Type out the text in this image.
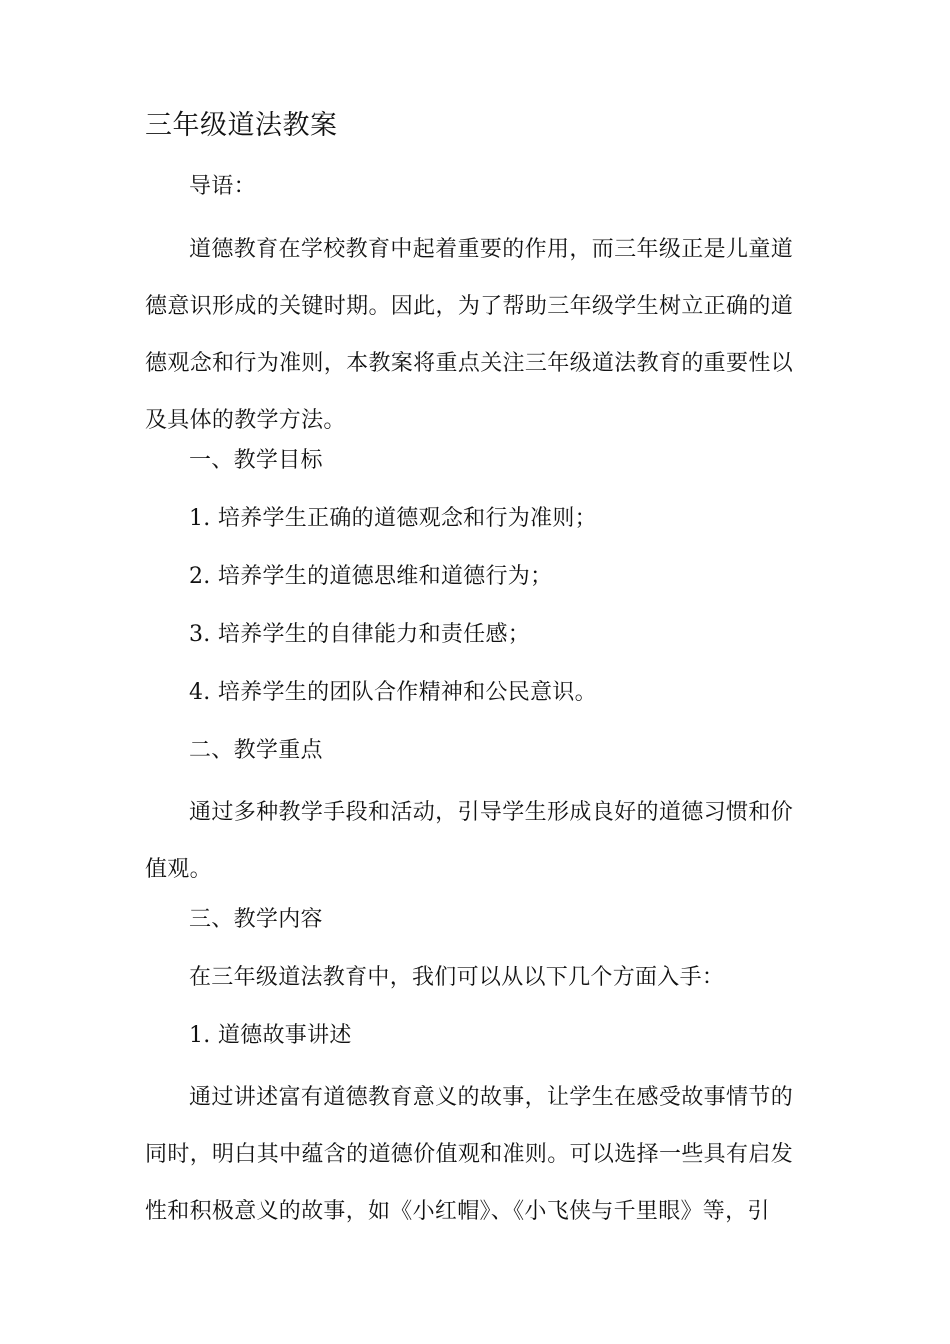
三年级道法教案
导语：

道德教育在学校教育中起着重要的作用，而三年级正是儿童道德意识形成的关键时期。因此，为了帮助三年级学生树立正确的道德观念和行为准则，本教案将重点关注三年级道法教育的重要性以及具体的教学方法。

一、教学目标
1. 培养学生正确的道德观念和行为准则；
2. 培养学生的道德思维和道德行为；
3. 培养学生的自律能力和责任感；
4. 培养学生的团队合作精神和公民意识。
二、教学重点

通过多种教学手段和活动，引导学生形成良好的道德习惯和价值观。

三、教学内容
在三年级道法教育中，我们可以从以下几个方面入手：
1. 道德故事讲述

通过讲述富有道德教育意义的故事，让学生在感受故事情节的同时，明白其中蕴含的道德价值观和准则。可以选择一些具有启发性和积极意义的故事，如《小红帽》、《小飞侠与千里眼》等，引
